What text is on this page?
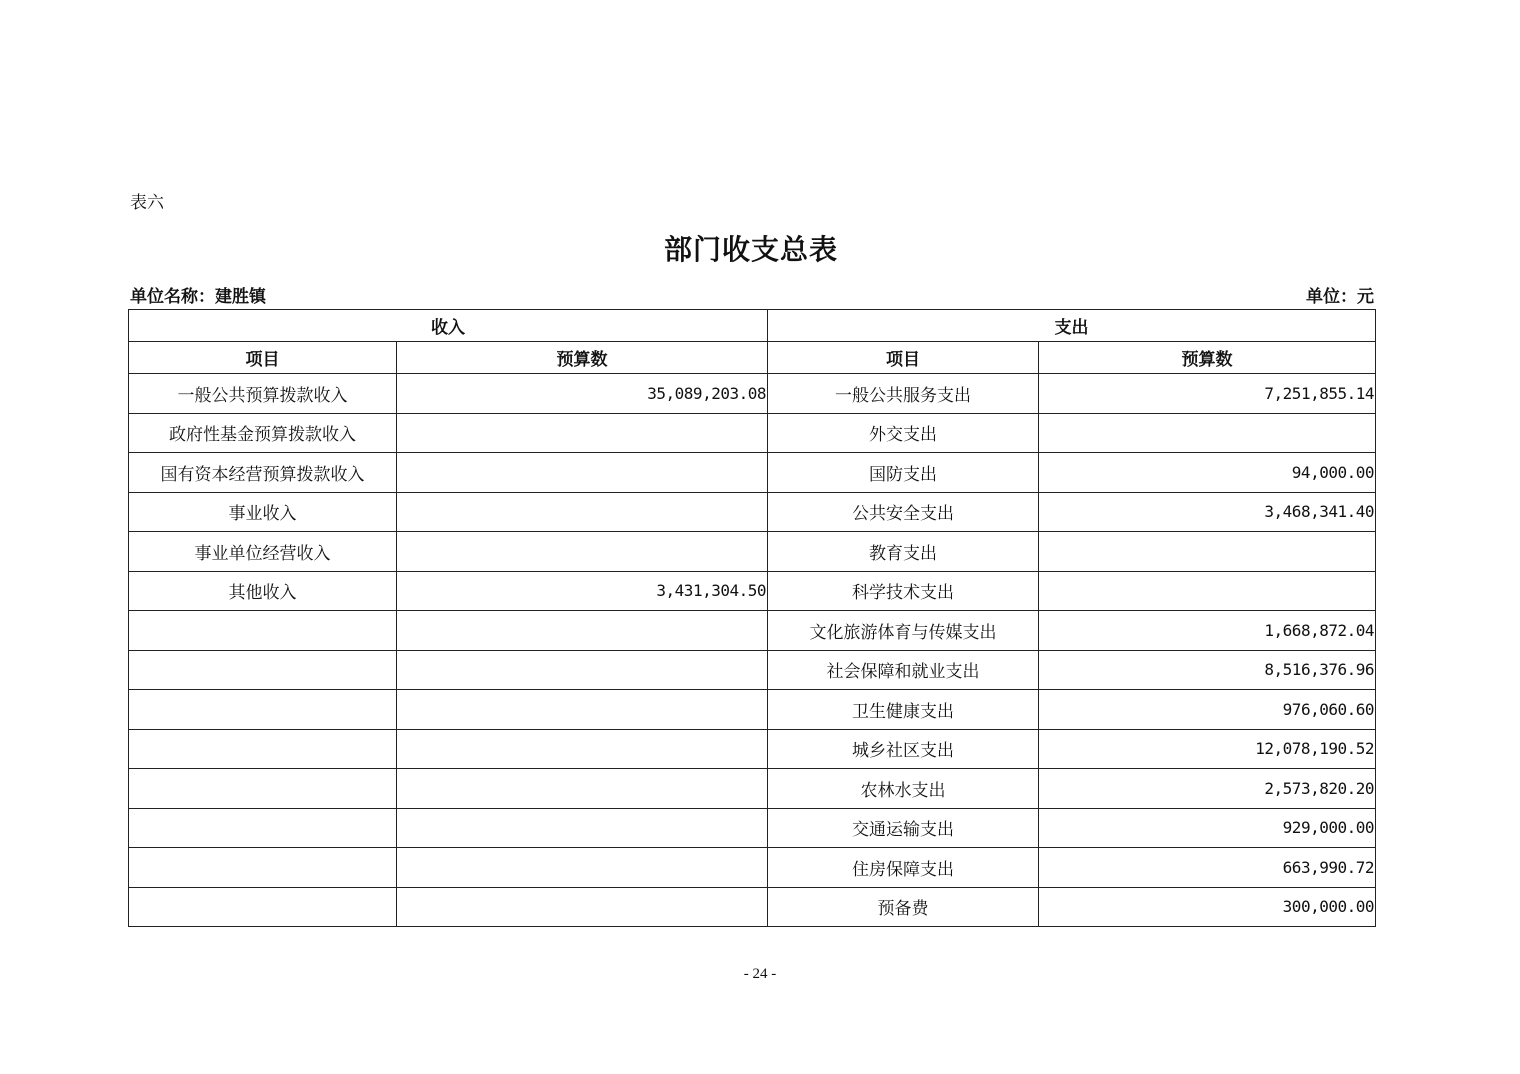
表六
部门收支总表
单位名称：建胜镇	单位：元
收入		支出	
项目	预算数	项目	预算数
一般公共预算拨款收入	35,089,203.08	一般公共服务支出	7,251,855.14
政府性基金预算拨款收入		外交支出	
国有资本经营预算拨款收入		国防支出	94,000.00
事业收入		公共安全支出	3,468,341.40
事业单位经营收入		教育支出	
其他收入	3,431,304.50	科学技术支出	
		文化旅游体育与传媒支出	1,668,872.04
		社会保障和就业支出	8,516,376.96
		卫生健康支出	976,060.60
		城乡社区支出	12,078,190.52
		农林水支出	2,573,820.20
		交通运输支出	929,000.00
		住房保障支出	663,990.72
		预备费	300,000.00
- 24 -
